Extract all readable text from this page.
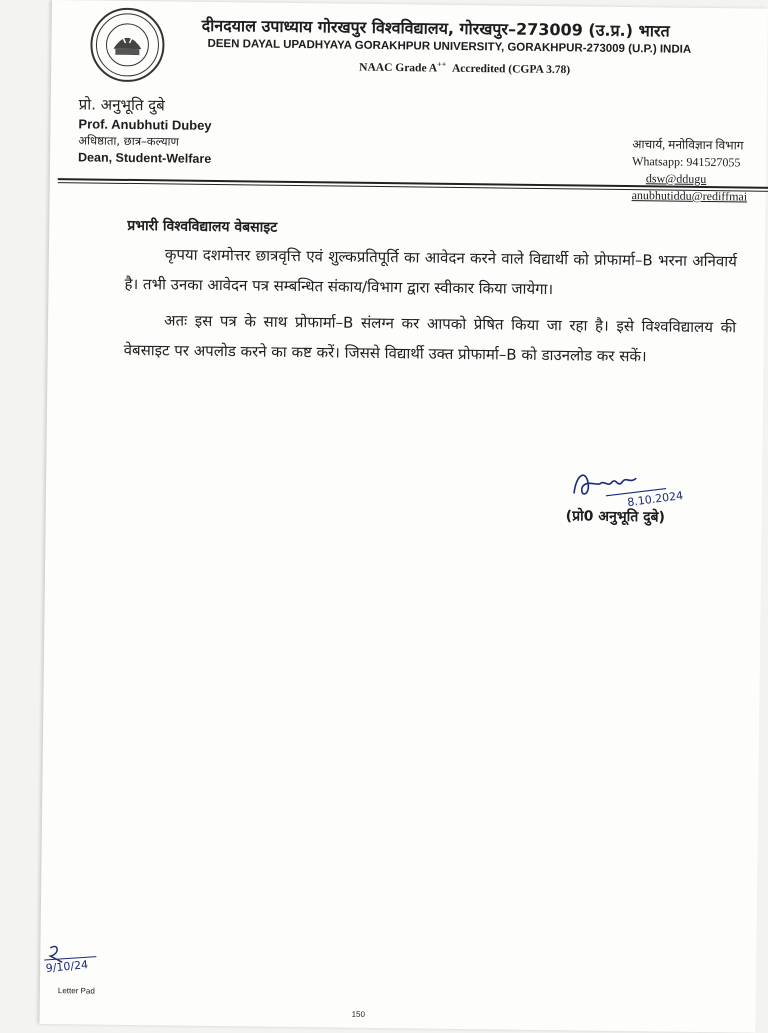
दीनदयाल उपाध्याय गोरखपुर विश्वविद्यालय, गोरखपुर–273009 (उ.प्र.) भारत
DEEN DAYAL UPADHYAYA GORAKHPUR UNIVERSITY, GORAKHPUR-273009 (U.P.) INDIA
NAAC Grade A++ Accredited (CGPA 3.78)
प्रो. अनुभूति दुबे
Prof. Anubhuti Dubey
अधिष्ठाता, छात्र–कल्याण
Dean, Student-Welfare
आचार्य, मनोविज्ञान विभाग
Whatsapp: 941527055
dsw@ddugu
anubhutiddu@rediffmai
प्रभारी विश्वविद्यालय वेबसाइट

कृपया दशमोत्तर छात्रवृत्ति एवं शुल्कप्रतिपूर्ति का आवेदन करने वाले विद्यार्थी को प्रोफार्मा–B भरना अनिवार्य है। तभी उनका आवेदन पत्र सम्बन्धित संकाय/विभाग द्वारा स्वीकार किया जायेगा।

अतः इस पत्र के साथ प्रोफार्मा–B संलग्न कर आपको प्रेषित किया जा रहा है। इसे विश्वविद्यालय की वेबसाइट पर अपलोड करने का कष्ट करें। जिससे विद्यार्थी उक्त प्रोफार्मा–B को डाउनलोड कर सकें।

8.10.2024
(प्रो0 अनुभूति दुबे)
9/10/24
Letter Pad
150
